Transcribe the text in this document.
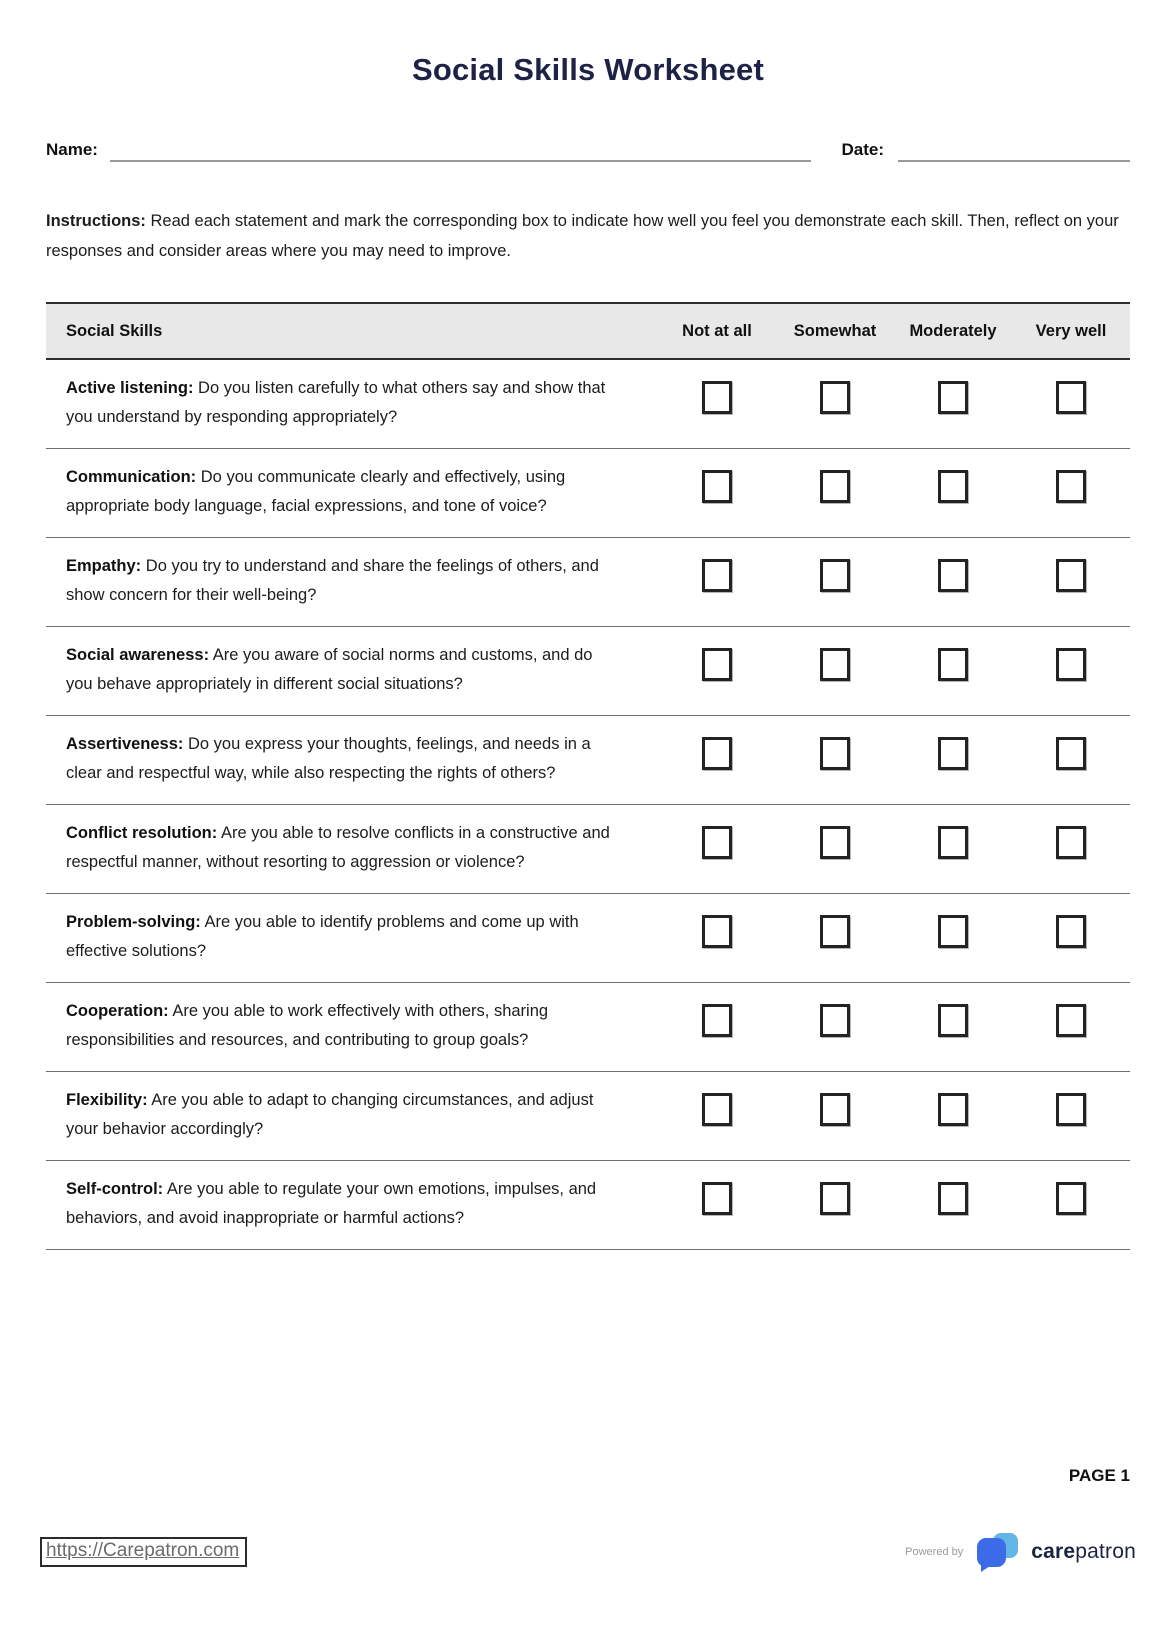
Social Skills Worksheet
Name:	Date:

Instructions: Read each statement and mark the corresponding box to indicate how well you feel you demonstrate each skill. Then, reflect on your responses and consider areas where you may need to improve.

Social Skills	Not at all	Somewhat Moderately Very well
Active listening: Do you listen carefully to what others say and show that you understand by responding appropriately?
Communication: Do you communicate clearly and effectively, using appropriate body language, facial expressions, and tone of voice?
Empathy: Do you try to understand and share the feelings of others, and show concern for their well-being?
Social awareness: Are you aware of social norms and customs, and do you behave appropriately in different social situations?
Assertiveness: Do you express your thoughts, feelings, and needs in a clear and respectful way, while also respecting the rights of others?
Conflict resolution: Are you able to resolve conflicts in a constructive and respectful manner, without resorting to aggression or violence?
Problem-solving: Are you able to identify problems and come up with effective solutions?
Cooperation: Are you able to work effectively with others, sharing responsibilities and resources, and contributing to group goals?
Flexibility: Are you able to adapt to changing circumstances, and adjust your behavior accordingly?
Self-control: Are you able to regulate your own emotions, impulses, and behaviors, and avoid inappropriate or harmful actions?
PAGE 1
https://Carepatron.com	Powered by	carepatron
